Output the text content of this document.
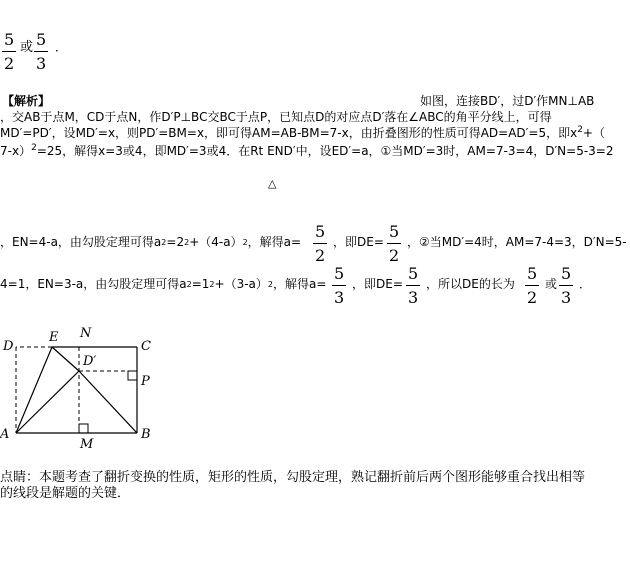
5
2
或 5
3
．
【解析】	如图，连接BD′，过D′作MN⊥AB
，交AB于点M，CD于点N，作D′P⊥BC交BC于点P，已知点D的对应点D′落在∠ABC的角平分线上，可得
MD′=PD′，设MD′=x，则PD′=BM=x，即可得AM=AB-BM=7-x，由折叠图形的性质可得AD=AD′=5，即$x^2+$（
7-x）$^2$=25，解得x=3或4，即MD′=3或4．在Rt END′中，设ED′=a，①当MD′=3时，AM=7-3=4，D′N=5-3=2
△
，EN=4-a，由勾股定理可得a2=22+（4-a）2，解得a=
5
2
，即DE=
5
2
，②当MD′=4时，AM=7-4=3，D′N=5-
4=1，EN=3-a，由勾股定理可得a2=12+（3-a）2，解得a=
5
3
，即DE=
5
3
，所以DE的长为
5
2
或
5
3
．
D
E N
C
D′
P
A
M
B
点睛：本题考查了翻折变换的性质，矩形的性质，勾股定理，熟记翻折前后两个图形能够重合找出相等
的线段是解题的关键．
